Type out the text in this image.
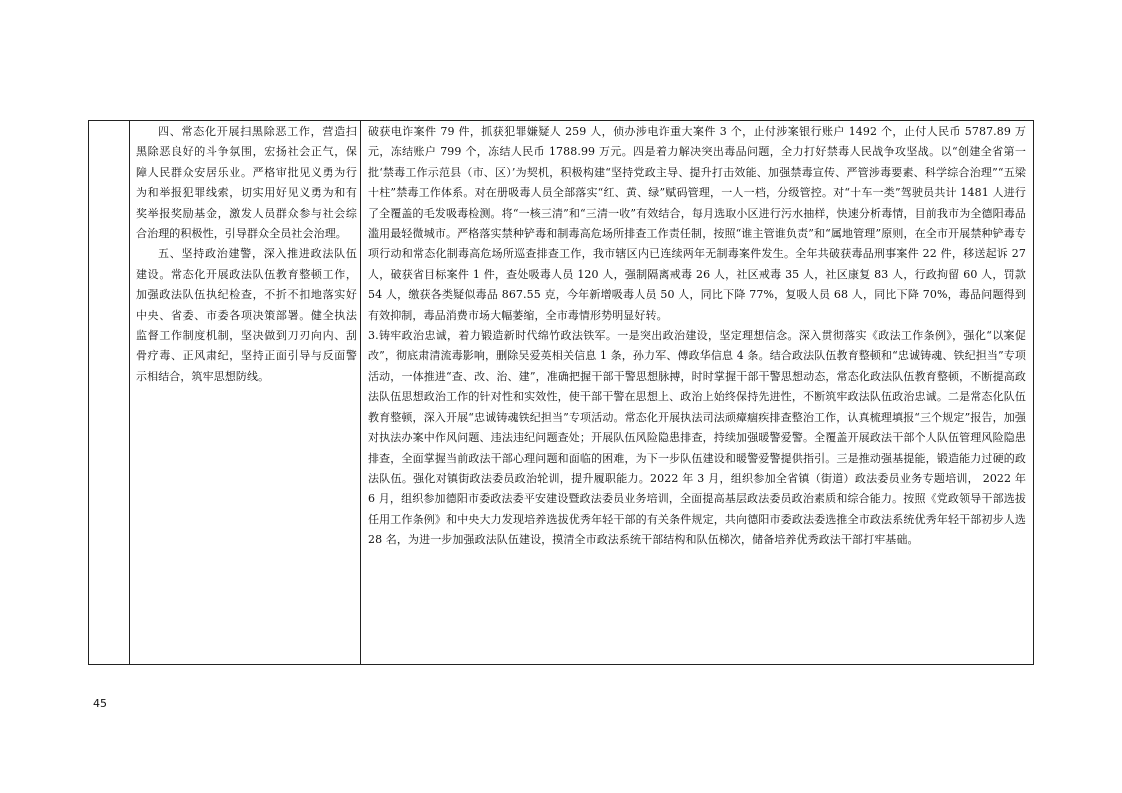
四、常态化开展扫黑除恶工作，营造扫黑除恶良好的斗争氛围，宏扬社会正气，保障人民群众安居乐业。严格审批见义勇为行为和举报犯罪线索，切实用好见义勇为和有奖举报奖励基金，激发人员群众参与社会综合治理的积极性，引导群众全员社会治理。

五、坚持政治建警，深入推进政法队伍建设。常态化开展政法队伍教育整顿工作，加强政法队伍执纪检查，不折不扣地落实好中央、省委、市委各项决策部署。健全执法监督工作制度机制，坚决做到刀刃向内、刮骨疗毒、正风肃纪，坚持正面引导与反面警示相结合，筑牢思想防线。

破获电诈案件 79 件，抓获犯罪嫌疑人 259 人，侦办涉电诈重大案件 3 个，止付涉案银行账户 1492 个，止付人民币 5787.89 万元，冻结账户 799 个，冻结人民币 1788.99 万元。四是着力解决突出毒品问题，全力打好禁毒人民战争攻坚战。以“创建全省第一批‘禁毒工作示范县（市、区）’为契机，积极构建“坚持党政主导、提升打击效能、加强禁毒宣传、严管涉毒要素、科学综合治理”“五梁十柱”禁毒工作体系。对在册吸毒人员全部落实“红、黄、绿”赋码管理，一人一档，分级管控。对“十车一类”驾驶员共计 1481 人进行了全覆盖的毛发吸毒检测。将“一核三清”和“三清一收”有效结合，每月选取小区进行污水抽样，快速分析毒情，目前我市为全德阳毒品滥用最轻微城市。严格落实禁种铲毒和制毒高危场所排查工作责任制，按照“谁主管谁负责”和“属地管理”原则，在全市开展禁种铲毒专项行动和常态化制毒高危场所巡查排查工作，我市辖区内已连续两年无制毒案件发生。全年共破获毒品刑事案件 22 件，移送起诉 27 人，破获省目标案件 1 件，查处吸毒人员 120 人，强制隔离戒毒 26 人，社区戒毒 35 人，社区康复 83 人，行政拘留 60 人，罚款 54 人，缴获各类疑似毒品 867.55 克，今年新增吸毒人员 50 人，同比下降 77%，复吸人员 68 人，同比下降 70%，毒品问题得到有效抑制，毒品消费市场大幅萎缩，全市毒情形势明显好转。

3.铸牢政治忠诚，着力锻造新时代绵竹政法铁军。一是突出政治建设，坚定理想信念。深入贯彻落实《政法工作条例》，强化“以案促改”，彻底肃清流毒影响，删除吴爱英相关信息 1 条，孙力军、傅政华信息 4 条。结合政法队伍教育整顿和“忠诚铸魂、铁纪担当”专项活动，一体推进“查、改、治、建”，准确把握干部干警思想脉搏，时时掌握干部干警思想动态，常态化政法队伍教育整顿，不断提高政法队伍思想政治工作的针对性和实效性，使干部干警在思想上、政治上始终保持先进性，不断筑牢政法队伍政治忠诚。二是常态化队伍教育整顿，深入开展“忠诚铸魂铁纪担当”专项活动。常态化开展执法司法顽瘴痼疾排查整治工作，认真梳理填报“三个规定”报告，加强对执法办案中作风问题、违法违纪问题查处；开展队伍风险隐患排查，持续加强暖警爱警。全覆盖开展政法干部个人队伍管理风险隐患排查，全面掌握当前政法干部心理问题和面临的困难，为下一步队伍建设和暖警爱警提供指引。三是推动强基提能，锻造能力过硬的政法队伍。强化对镇街政法委员政治轮训，提升履职能力。2022 年 3 月，组织参加全省镇（街道）政法委员业务专题培训， 2022 年 6 月，组织参加德阳市委政法委平安建设暨政法委员业务培训，全面提高基层政法委员政治素质和综合能力。按照《党政领导干部选拔任用工作条例》和中央大力发现培养选拔优秀年轻干部的有关条件规定，共向德阳市委政法委选推全市政法系统优秀年轻干部初步人选 28 名，为进一步加强政法队伍建设，摸清全市政法系统干部结构和队伍梯次，储备培养优秀政法干部打牢基础。

45
